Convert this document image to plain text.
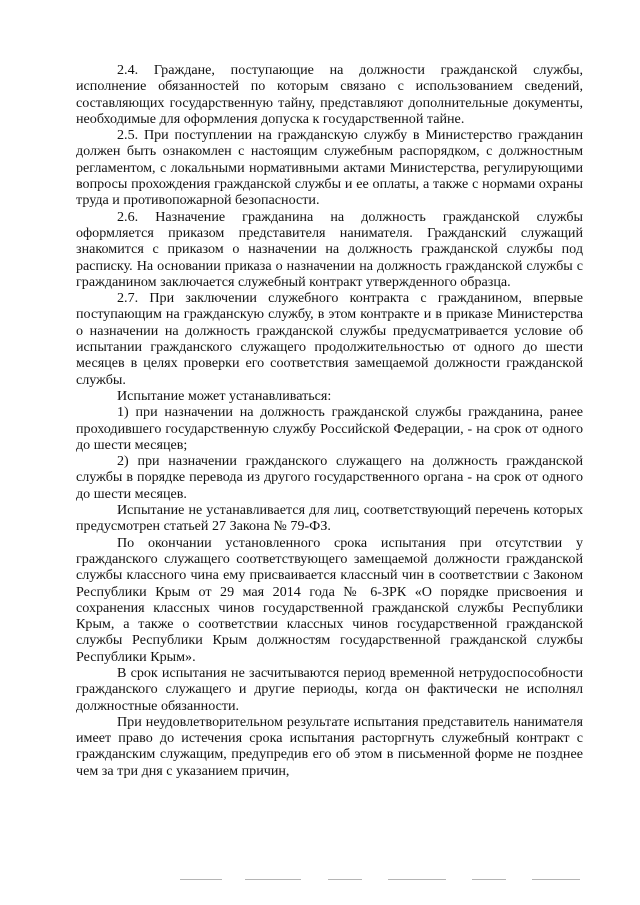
2.4. Граждане, поступающие на должности гражданской службы, исполнение обязанностей по которым связано с использованием сведений, составляющих государственную тайну, представляют дополнительные документы, необходимые для оформления допуска к государственной тайне.

2.5. При поступлении на гражданскую службу в Министерство гражданин должен быть ознакомлен с настоящим служебным распорядком, с должностным регламентом, с локальными нормативными актами Министерства, регулирующими вопросы прохождения гражданской службы и ее оплаты, а также с нормами охраны труда и противопожарной безопасности.

2.6. Назначение гражданина на должность гражданской службы оформляется приказом представителя нанимателя. Гражданский служащий знакомится с приказом о назначении на должность гражданской службы под расписку. На основании приказа о назначении на должность гражданской службы с гражданином заключается служебный контракт утвержденного образца.

2.7. При заключении служебного контракта с гражданином, впервые поступающим на гражданскую службу, в этом контракте и в приказе Министерства о назначении на должность гражданской службы предусматривается условие об испытании гражданского служащего продолжительностью от одного до шести месяцев в целях проверки его соответствия замещаемой должности гражданской службы.

Испытание может устанавливаться:

1) при назначении на должность гражданской службы гражданина, ранее проходившего государственную службу Российской Федерации, - на срок от одного до шести месяцев;

2) при назначении гражданского служащего на должность гражданской службы в порядке перевода из другого государственного органа - на срок от одного до шести месяцев.

Испытание не устанавливается для лиц, соответствующий перечень которых предусмотрен статьей 27 Закона № 79-ФЗ.

По окончании установленного срока испытания при отсутствии у гражданского служащего соответствующего замещаемой должности гражданской службы классного чина ему присваивается классный чин в соответствии с Законом Республики Крым от 29 мая 2014 года № 6-ЗРК «О порядке присвоения и сохранения классных чинов государственной гражданской службы Республики Крым, а также о соответствии классных чинов государственной гражданской службы Республики Крым должностям государственной гражданской службы Республики Крым».

В срок испытания не засчитываются период временной нетрудоспособности гражданского служащего и другие периоды, когда он фактически не исполнял должностные обязанности.

При неудовлетворительном результате испытания представитель нанимателя имеет право до истечения срока испытания расторгнуть служебный контракт с гражданским служащим, предупредив его об этом в письменной форме не позднее чем за три дня с указанием причин,
